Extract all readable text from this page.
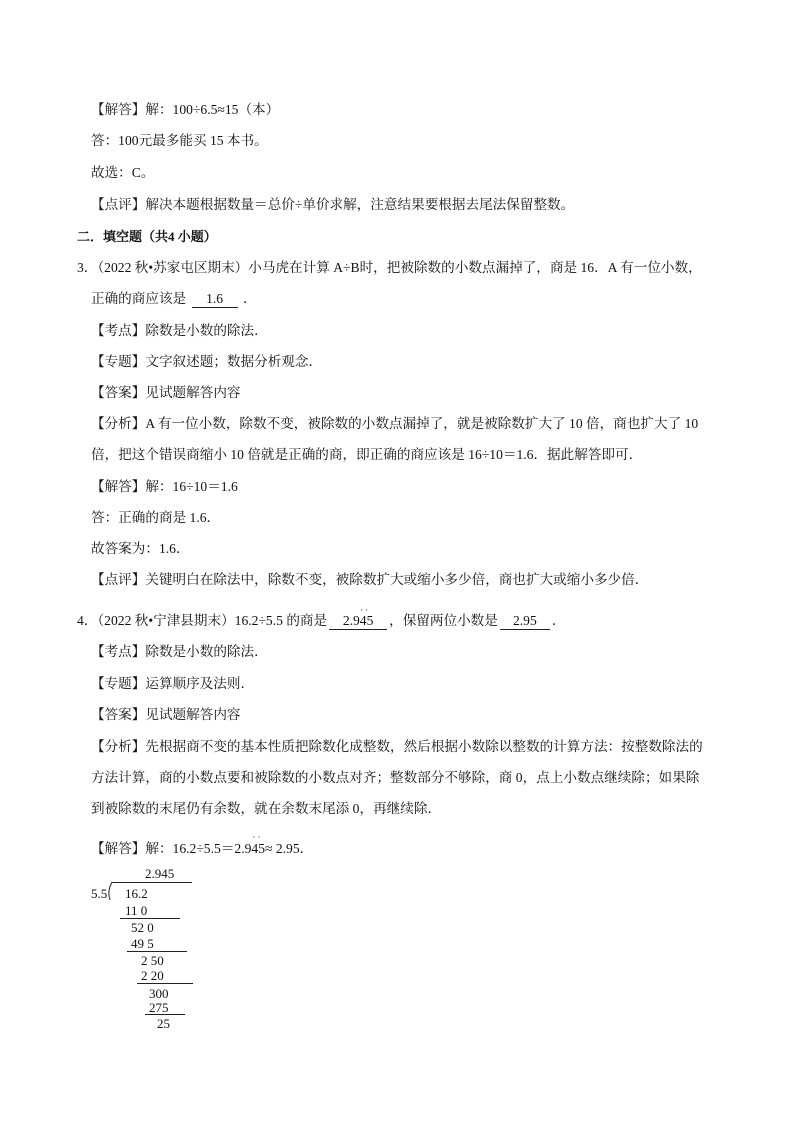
【解答】解：100÷6.5≈15（本）
答：100元最多能买 15 本书。
故选：C。
【点评】解决本题根据数量＝总价÷单价求解，注意结果要根据去尾法保留整数。
二．填空题（共4 小题）
3．（2022 秋•苏家屯区期末）小马虎在计算 A÷B时，把被除数的小数点漏掉了，商是 16．A 有一位小数，
正确的商应该是 1.6 ．
【考点】除数是小数的除法．
【专题】文字叙述题；数据分析观念．
【答案】见试题解答内容
【分析】A 有一位小数，除数不变，被除数的小数点漏掉了，就是被除数扩大了 10 倍，商也扩大了 10
倍，把这个错误商缩小 10 倍就是正确的商，即正确的商应该是 16÷10＝1.6．据此解答即可．
【解答】解：16÷10＝1.6
答：正确的商是 1.6．
故答案为：1.6．
【点评】关键明白在除法中，除数不变，被除数扩大或缩小多少倍，商也扩大或缩小多少倍．
4．（2022 秋•宁津县期末）16.2÷5.5 的商是
· ·
2.945 ，保留两位小数是 2.95 ．
【考点】除数是小数的除法．
【专题】运算顺序及法则．
【答案】见试题解答内容
【分析】先根据商不变的基本性质把除数化成整数，然后根据小数除以整数的计算方法：按整数除法的
方法计算，商的小数点要和被除数的小数点对齐；整数部分不够除，商 0，点上小数点继续除；如果除
到被除数的末尾仍有余数，就在余数末尾添 0，再继续除．
【解答】解：16.2÷5.5＝2.9
· ·
45≈ 2.95．
2.945
5.5 16.2
11 0
52 0
49 5
2 50
2 20
300
275
25
